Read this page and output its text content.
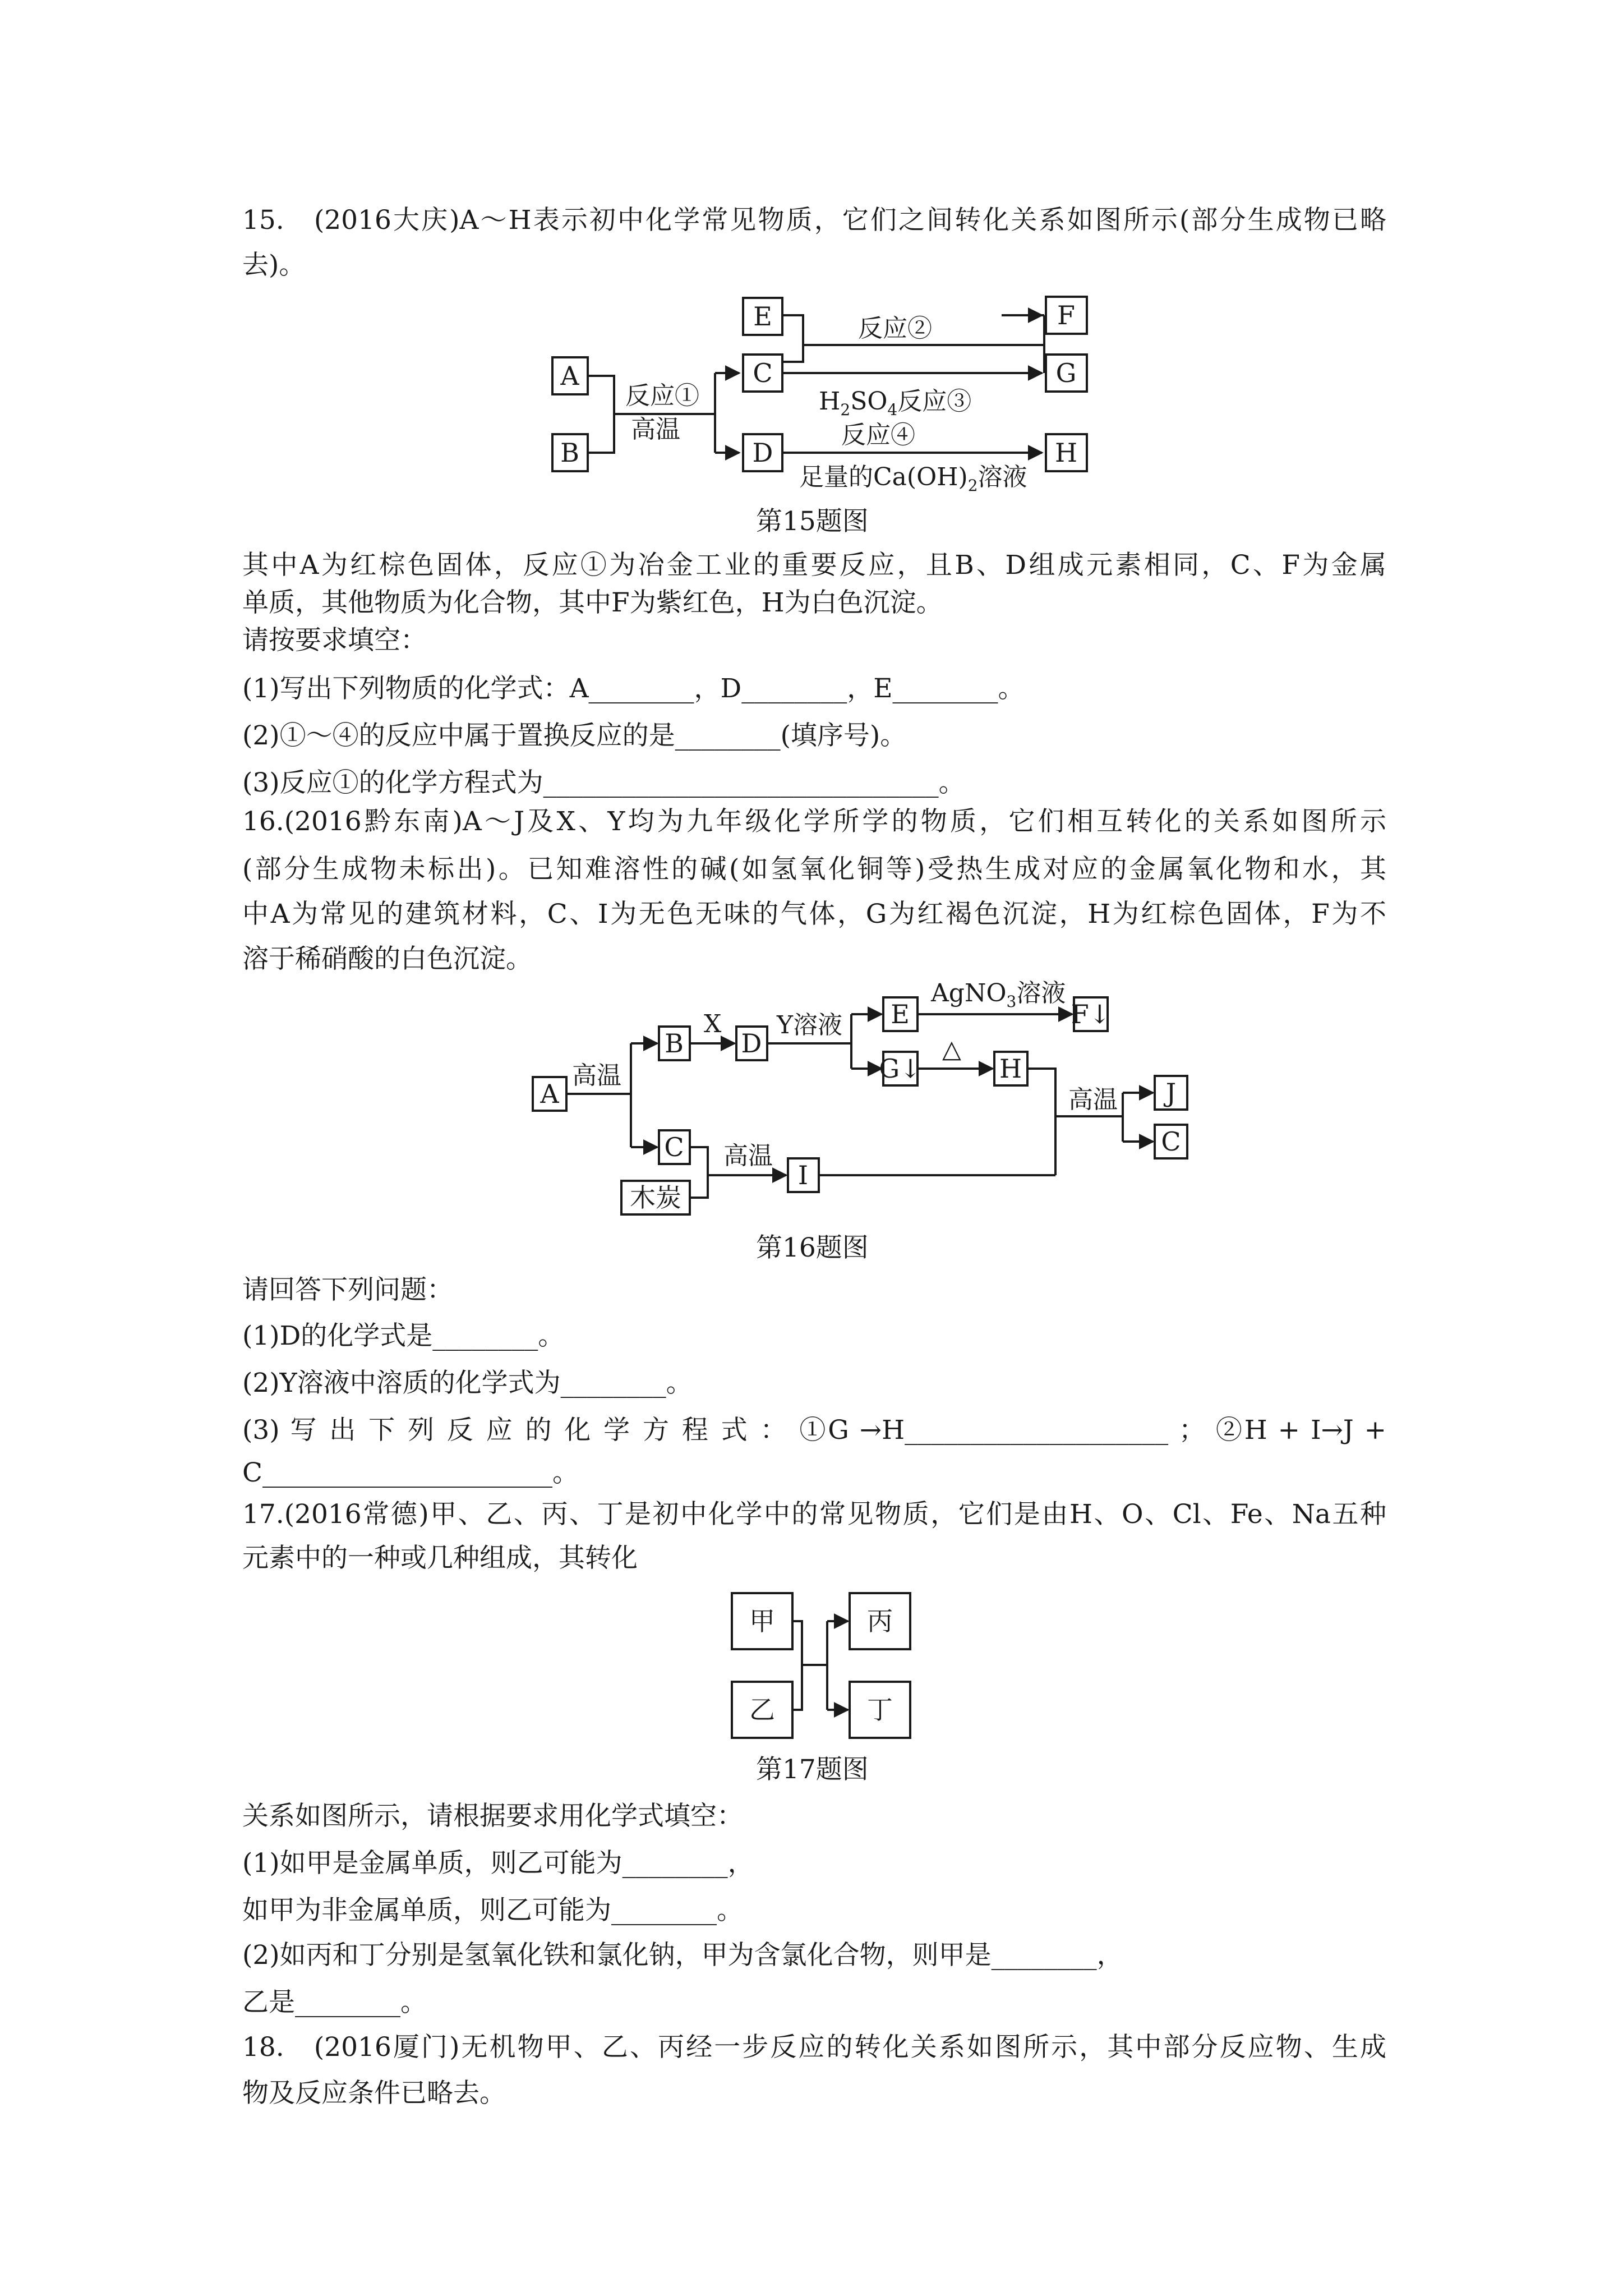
A
B
E
C
D
F
G
H
反应①
高温
反应②
$H_2SO_4$反应③
反应④
足量的$Ca(OH)_2$溶液
A
B D
E
G↓
F↓
H
C
木炭
I
J
C
高温
X Y溶液
AgNO$_3$溶液
△
高温
高温
甲
乙
丙
丁
15.　(2016大庆)A～H表示初中化学常见物质，它们之间转化关系如图所示(部分生成物已略
去)。
第15题图
其中A为红棕色固体，反应①为冶金工业的重要反应，且B、D组成元素相同，C、F为金属
单质，其他物质为化合物，其中F为紫红色，H为白色沉淀。
请按要求填空：
(1)写出下列物质的化学式：A________，D________，E________。
(2)①～④的反应中属于置换反应的是________(填序号)。
(3)反应①的化学方程式为______________________________。
16.(2016黔东南)A～J及X、Y均为九年级化学所学的物质，它们相互转化的关系如图所示
(部分生成物未标出)。已知难溶性的碱(如氢氧化铜等)受热生成对应的金属氧化物和水，其
中A为常见的建筑材料，C、I为无色无味的气体，G为红褐色沉淀，H为红棕色固体，F为不
溶于稀硝酸的白色沉淀。
第16题图
请回答下列问题：
(1)D的化学式是________。
(2)Y溶液中溶质的化学式为________。
(3) 写 出 下 列 反 应 的 化 学 方 程 式 ： ①G →H____________________ ； ②H + I→J +
C______________________。
17.(2016常德)甲、乙、丙、丁是初中化学中的常见物质，它们是由H、O、Cl、Fe、Na五种
元素中的一种或几种组成，其转化
第17题图
关系如图所示，请根据要求用化学式填空：
(1)如甲是金属单质，则乙可能为________，
如甲为非金属单质，则乙可能为________。
(2)如丙和丁分别是氢氧化铁和氯化钠，甲为含氯化合物，则甲是________，
乙是________。
18.　(2016厦门)无机物甲、乙、丙经一步反应的转化关系如图所示，其中部分反应物、生成
物及反应条件已略去。
